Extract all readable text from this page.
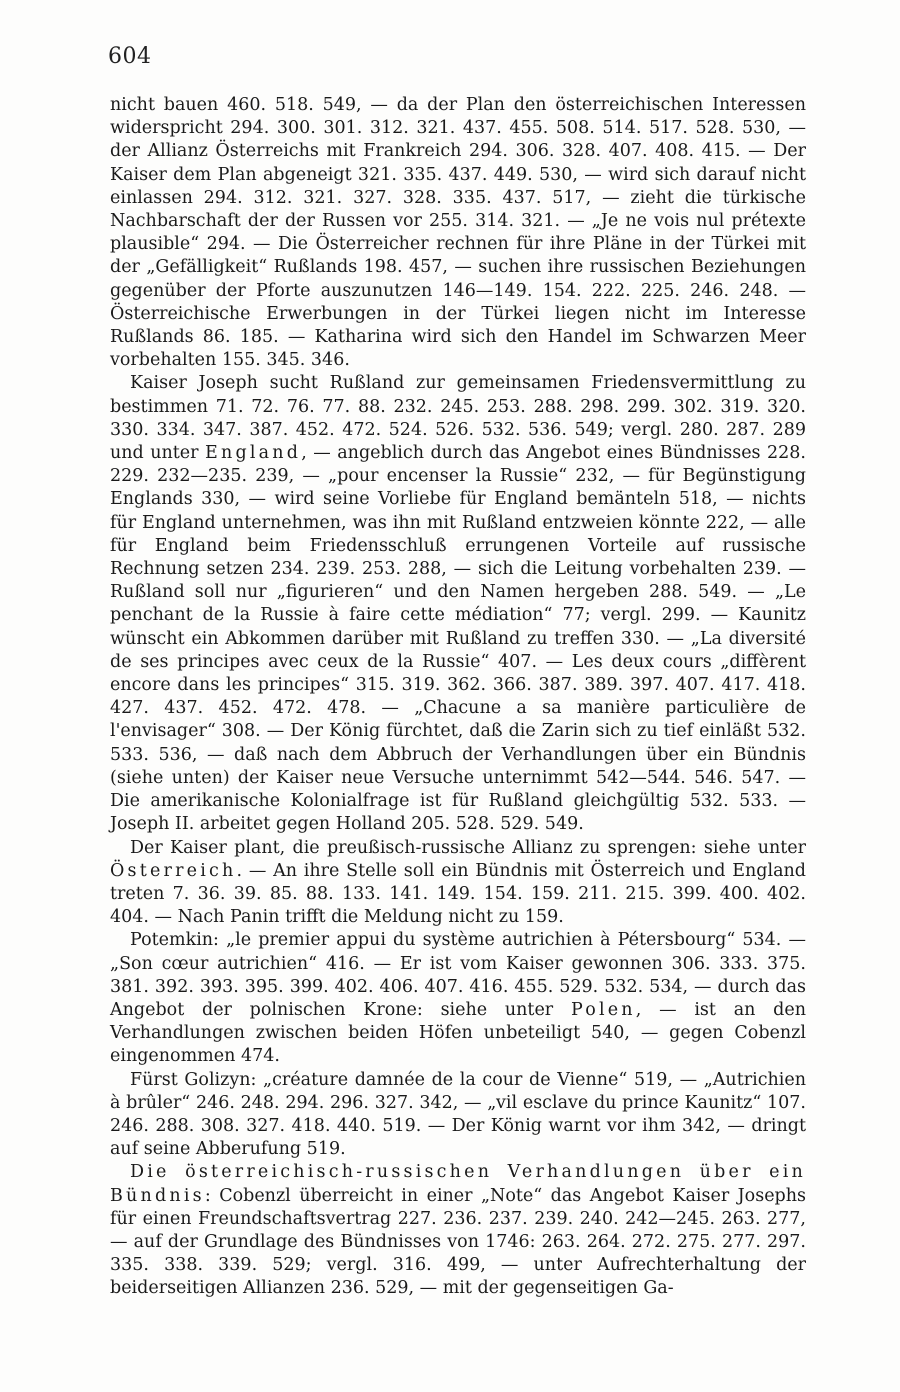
604

nicht bauen 460. 518. 549, — da der Plan den österreichischen Interessen widerspricht 294. 300. 301. 312. 321. 437. 455. 508. 514. 517. 528. 530, — der Allianz Österreichs mit Frankreich 294. 306. 328. 407. 408. 415. — Der Kaiser dem Plan abgeneigt 321. 335. 437. 449. 530, — wird sich darauf nicht einlassen 294. 312. 321. 327. 328. 335. 437. 517, — zieht die türkische Nachbarschaft der der Russen vor 255. 314. 321. — „Je ne vois nul prétexte plausible“ 294. — Die Österreicher rechnen für ihre Pläne in der Türkei mit der „Gefälligkeit“ Rußlands 198. 457, — suchen ihre russischen Beziehungen gegenüber der Pforte auszunutzen 146—149. 154. 222. 225. 246. 248. — Österreichische Erwerbungen in der Türkei liegen nicht im Interesse Rußlands 86. 185. — Katharina wird sich den Handel im Schwarzen Meer vorbehalten 155. 345. 346.

Kaiser Joseph sucht Rußland zur gemeinsamen Friedensvermittlung zu bestimmen 71. 72. 76. 77. 88. 232. 245. 253. 288. 298. 299. 302. 319. 320. 330. 334. 347. 387. 452. 472. 524. 526. 532. 536. 549; vergl. 280. 287. 289 und unter England, — angeblich durch das Angebot eines Bündnisses 228. 229. 232—235. 239, — „pour encenser la Russie“ 232, — für Begünstigung Englands 330, — wird seine Vorliebe für England bemänteln 518, — nichts für England unternehmen, was ihn mit Rußland entzweien könnte 222, — alle für England beim Friedensschluß errungenen Vorteile auf russische Rechnung setzen 234. 239. 253. 288, — sich die Leitung vorbehalten 239. — Rußland soll nur „figurieren“ und den Namen hergeben 288. 549. — „Le penchant de la Russie à faire cette médiation“ 77; vergl. 299. — Kaunitz wünscht ein Abkommen darüber mit Rußland zu treffen 330. — „La diversité de ses principes avec ceux de la Russie“ 407. — Les deux cours „diffèrent encore dans les principes“ 315. 319. 362. 366. 387. 389. 397. 407. 417. 418. 427. 437. 452. 472. 478. — „Chacune a sa manière particulière de l'envisager“ 308. — Der König fürchtet, daß die Zarin sich zu tief einläßt 532. 533. 536, — daß nach dem Abbruch der Verhandlungen über ein Bündnis (siehe unten) der Kaiser neue Versuche unternimmt 542—544. 546. 547. — Die amerikanische Kolonialfrage ist für Rußland gleichgültig 532. 533. — Joseph II. arbeitet gegen Holland 205. 528. 529. 549.

Der Kaiser plant, die preußisch-russische Allianz zu sprengen: siehe unter Österreich. — An ihre Stelle soll ein Bündnis mit Österreich und England treten 7. 36. 39. 85. 88. 133. 141. 149. 154. 159. 211. 215. 399. 400. 402. 404. — Nach Panin trifft die Meldung nicht zu 159.

Potemkin: „le premier appui du système autrichien à Pétersbourg“ 534. — „Son cœur autrichien“ 416. — Er ist vom Kaiser gewonnen 306. 333. 375. 381. 392. 393. 395. 399. 402. 406. 407. 416. 455. 529. 532. 534, — durch das Angebot der polnischen Krone: siehe unter Polen, — ist an den Verhandlungen zwischen beiden Höfen unbeteiligt 540, — gegen Cobenzl eingenommen 474.

Fürst Golizyn: „créature damnée de la cour de Vienne“ 519, — „Autrichien à brûler“ 246. 248. 294. 296. 327. 342, — „vil esclave du prince Kaunitz“ 107. 246. 288. 308. 327. 418. 440. 519. — Der König warnt vor ihm 342, — dringt auf seine Abberufung 519.

Die österreichisch-russischen Verhandlungen über ein Bündnis: Cobenzl überreicht in einer „Note“ das Angebot Kaiser Josephs für einen Freundschaftsvertrag 227. 236. 237. 239. 240. 242—245. 263. 277, — auf der Grundlage des Bündnisses von 1746: 263. 264. 272. 275. 277. 297. 335. 338. 339. 529; vergl. 316. 499, — unter Aufrechterhaltung der beiderseitigen Allianzen 236. 529, — mit der gegenseitigen Ga-
